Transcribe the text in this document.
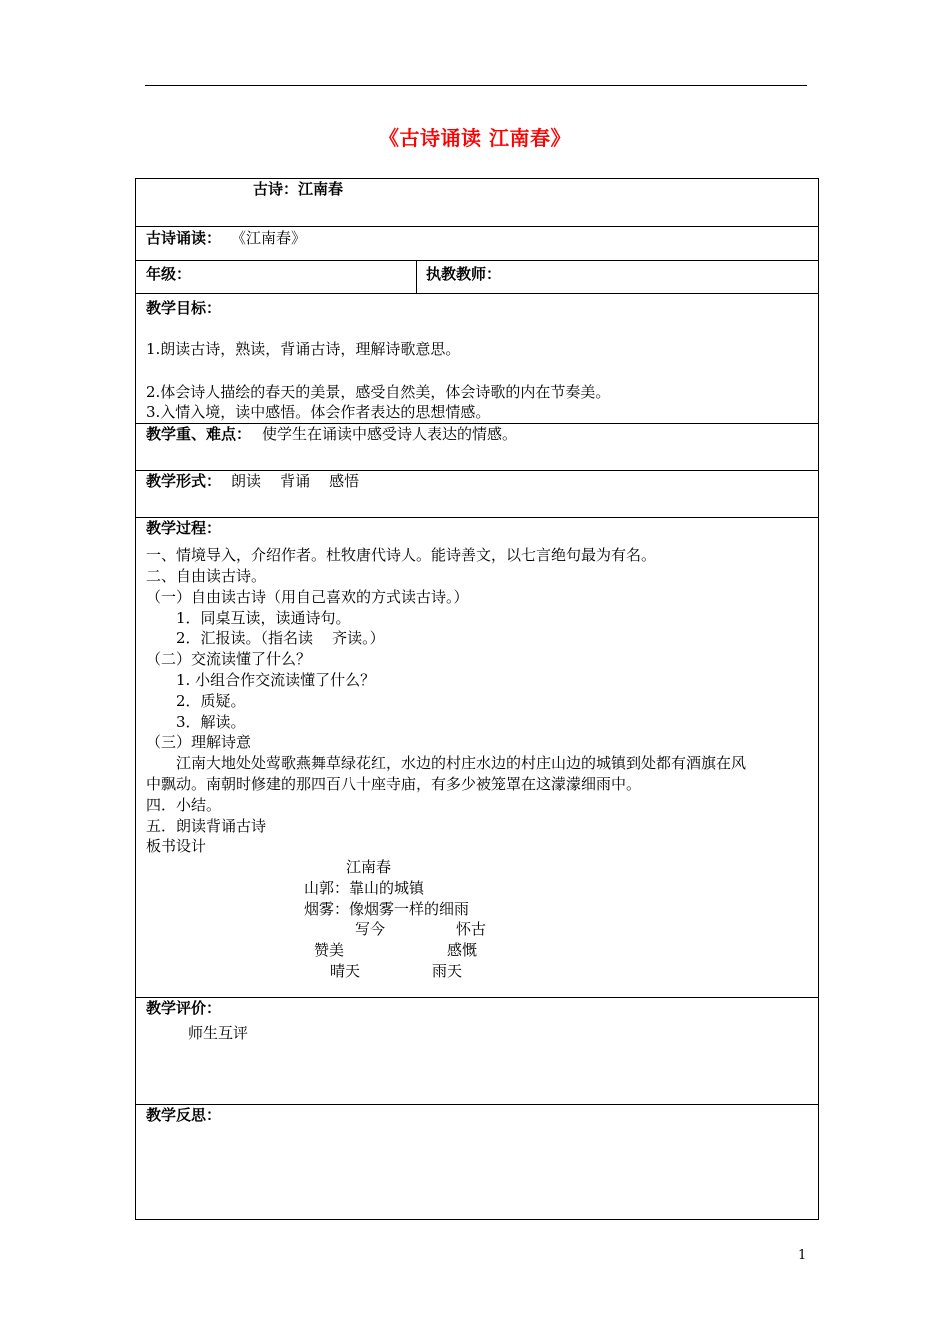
《古诗诵读 江南春》
古诗：江南春
古诗诵读： 《江南春》
年级：	执教教师：
教学目标：
1.朗读古诗，熟读，背诵古诗，理解诗歌意思。
2.体会诗人描绘的春天的美景，感受自然美，体会诗歌的内在节奏美。
3.入情入境，读中感悟。体会作者表达的思想情感。
教学重、难点： 使学生在诵读中感受诗人表达的情感。
教学形式： 朗读    背诵    感悟
教学过程：
一、情境导入，介绍作者。杜牧唐代诗人。能诗善文，以七言绝句最为有名。
二、自由读古诗。
（一）自由读古诗（用自己喜欢的方式读古诗。）
1．同桌互读，读通诗句。
2．汇报读。（指名读    齐读。）
（二）交流读懂了什么？
1. 小组合作交流读懂了什么？
2．质疑。
3．解读。
（三）理解诗意
江南大地处处莺歌燕舞草绿花红，水边的村庄水边的村庄山边的城镇到处都有酒旗在风
中飘动。南朝时修建的那四百八十座寺庙，有多少被笼罩在这濛濛细雨中。
四．小结。
五．朗读背诵古诗
板书设计
江南春
山郭：靠山的城镇
烟雾：像烟雾一样的细雨
写今	怀古
赞美	感慨
晴天	雨天
教学评价：
师生互评
教学反思：
1
